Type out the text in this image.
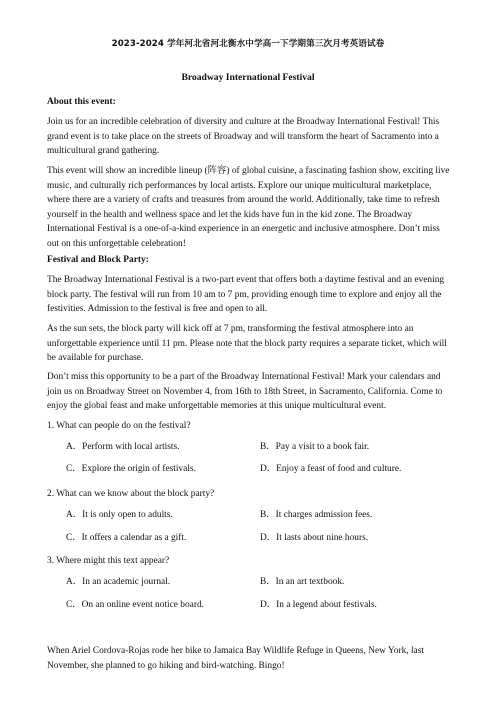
2023-2024 学年河北省河北衡水中学高一下学期第三次月考英语试卷
Broadway International Festival
About this event:

Join us for an incredible celebration of diversity and culture at the Broadway International Festival! This grand event is to take place on the streets of Broadway and will transform the heart of Sacramento into a multicultural grand gathering.

This event will show an incredible lineup (阵容) of global cuisine, a fascinating fashion show, exciting live music, and culturally rich performances by local artists. Explore our unique multicultural marketplace, where there are a variety of crafts and treasures from around the world. Additionally, take time to refresh yourself in the health and wellness space and let the kids have fun in the kid zone. The Broadway International Festival is a one-of-a-kind experience in an energetic and inclusive atmosphere. Don’t miss out on this unforgettable celebration!

Festival and Block Party:

The Broadway International Festival is a two-part event that offers both a daytime festival and an evening block party. The festival will run from 10 am to 7 pm, providing enough time to explore and enjoy all the festivities. Admission to the festival is free and open to all.

As the sun sets, the block party will kick off at 7 pm, transforming the festival atmosphere into an unforgettable experience until 11 pm. Please note that the block party requires a separate ticket, which will be available for purchase.

Don’t miss this opportunity to be a part of the Broadway International Festival! Mark your calendars and join us on Broadway Street on November 4, from 16th to 18th Street, in Sacramento, California. Come to enjoy the global feast and make unforgettable memories at this unique multicultural event.

1. What can people do on the festival?
A．Perform with local artists.	B．Pay a visit to a book fair.
C．Explore the origin of festivals.	D．Enjoy a feast of food and culture.
2. What can we know about the block party?
A．It is only open to adults.	B．It charges admission fees.
C．It offers a calendar as a gift.	D．It lasts about nine hours.
3. Where might this text appear?
A．In an academic journal.	B．In an art textbook.
C．On an online event notice board.	D．In a legend about festivals.

When Ariel Cordova-Rojas rode her bike to Jamaica Bay Wildlife Refuge in Queens, New York, last November, she planned to go hiking and bird-watching. Bingo!
